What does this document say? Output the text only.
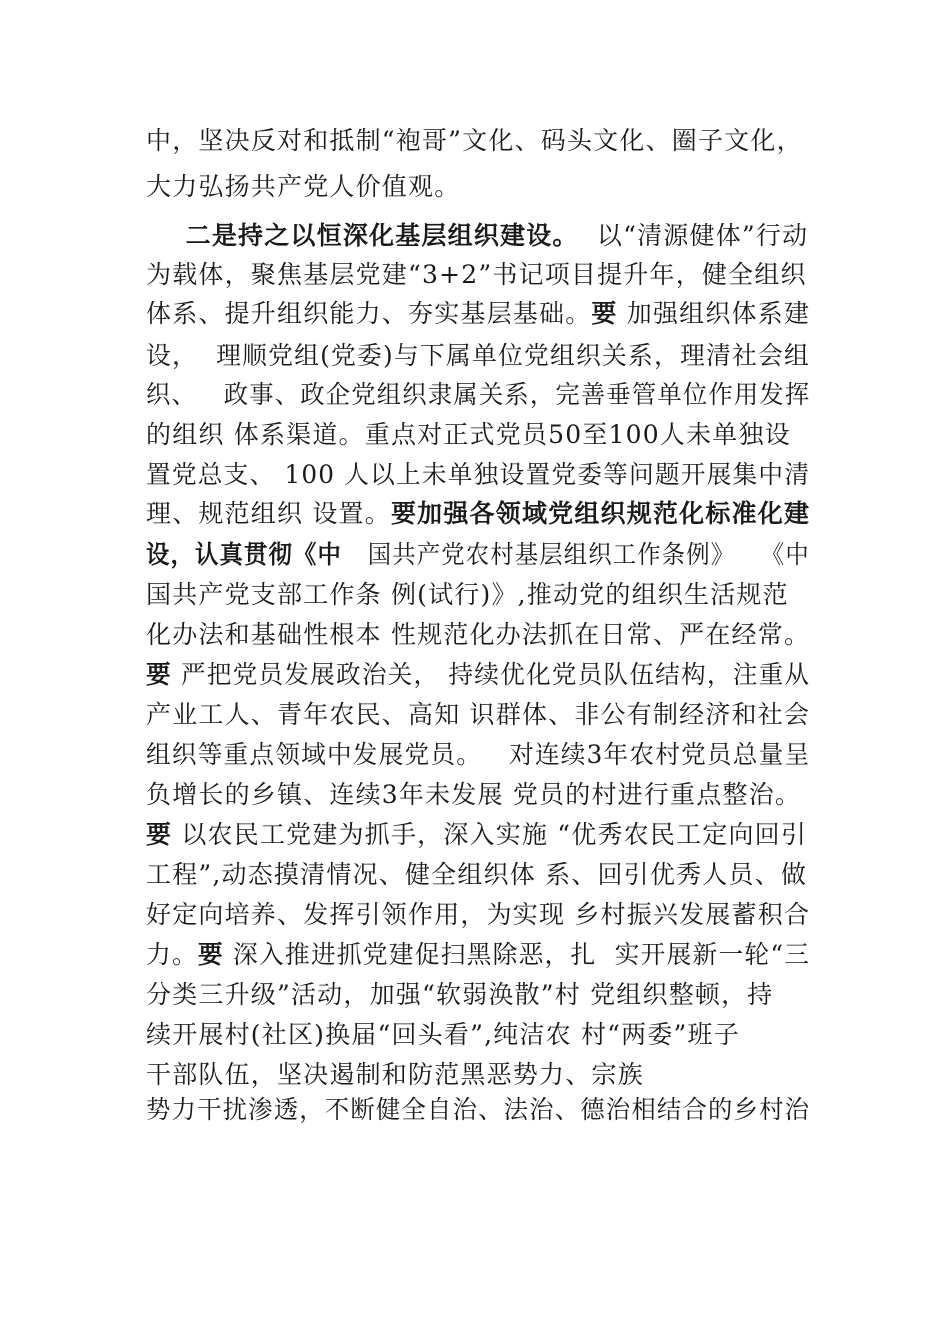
中，坚决反对和抵制“袍哥”文化、码头文化、圈子文化，
大力弘扬共产党人价值观。
二是持之以恒深化基层组织建设。  以“清源健体”行动
为载体，聚焦基层党建“3+2”书记项目提升年，健全组织
体系、提升组织能力、夯实基层基础。要 加强组织体系建
设，  理顺党组(党委)与下属单位党组织关系，理清社会组
织、   政事、政企党组织隶属关系，完善垂管单位作用发挥
的组织 体系渠道。重点对正式党员50至100人未单独设
置党总支、 100 人以上未单独设置党委等问题开展集中清
理、规范组织 设置。要加强各领域党组织规范化标准化建
设，认真贯彻《中   国共产党农村基层组织工作条例》   《中
国共产党支部工作条 例(试行)》,推动党的组织生活规范
化办法和基础性根本 性规范化办法抓在日常、严在经常。
要 严把党员发展政治关， 持续优化党员队伍结构，注重从
产业工人、青年农民、高知 识群体、非公有制经济和社会
组织等重点领域中发展党员。   对连续3年农村党员总量呈
负增长的乡镇、连续3年未发展 党员的村进行重点整治。
要 以农民工党建为抓手，深入实施 “优秀农民工定向回引
工程”,动态摸清情况、健全组织体 系、回引优秀人员、做
好定向培养、发挥引领作用，为实现 乡村振兴发展蓄积合
力。要 深入推进抓党建促扫黑除恶，扎  实开展新一轮“三
分类三升级”活动，加强“软弱涣散”村 党组织整顿，持
续开展村(社区)换届“回头看”,纯洁农 村“两委”班子
干部队伍，坚决遏制和防范黑恶势力、宗族
势力干扰渗透，不断健全自治、法治、德治相结合的乡村治
